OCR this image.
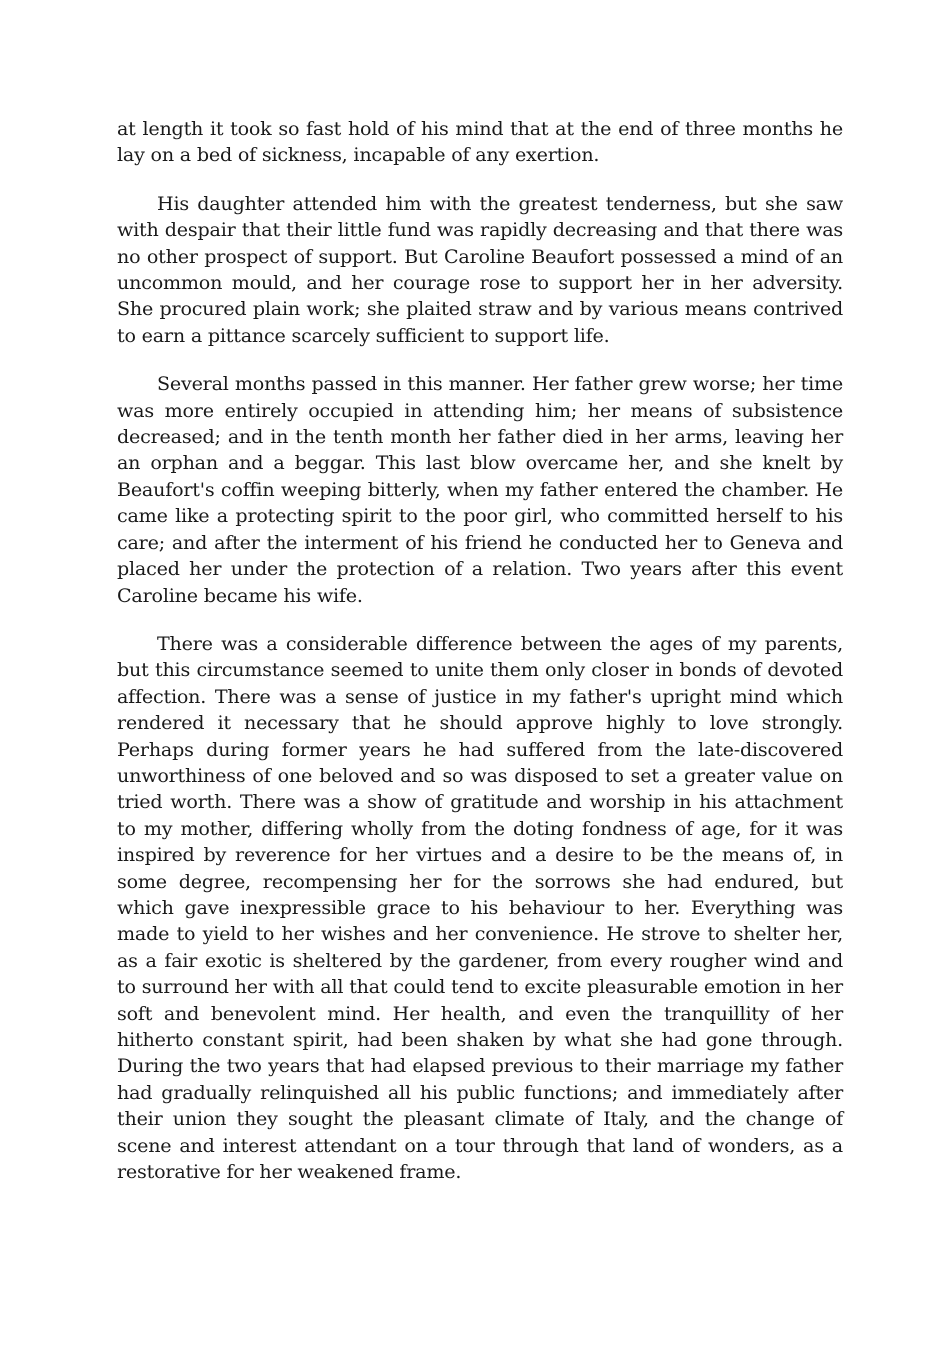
at length it took so fast hold of his mind that at the end of three months he lay on a bed of sickness, incapable of any exertion.

His daughter attended him with the greatest tenderness, but she saw with despair that their little fund was rapidly decreasing and that there was no other prospect of support. But Caroline Beaufort possessed a mind of an uncommon mould, and her courage rose to support her in her adversity. She procured plain work; she plaited straw and by various means contrived to earn a pittance scarcely sufficient to support life.

Several months passed in this manner. Her father grew worse; her time was more entirely occupied in attending him; her means of subsistence decreased; and in the tenth month her father died in her arms, leaving her an orphan and a beggar. This last blow overcame her, and she knelt by Beaufort's coffin weeping bitterly, when my father entered the chamber. He came like a protecting spirit to the poor girl, who committed herself to his care; and after the interment of his friend he conducted her to Geneva and placed her under the protection of a relation. Two years after this event Caroline became his wife.

There was a considerable difference between the ages of my parents, but this circumstance seemed to unite them only closer in bonds of devoted affection. There was a sense of justice in my father's upright mind which rendered it necessary that he should approve highly to love strongly. Perhaps during former years he had suffered from the late-discovered unworthiness of one beloved and so was disposed to set a greater value on tried worth. There was a show of gratitude and worship in his attachment to my mother, differing wholly from the doting fondness of age, for it was inspired by reverence for her virtues and a desire to be the means of, in some degree, recompensing her for the sorrows she had endured, but which gave inexpressible grace to his behaviour to her. Everything was made to yield to her wishes and her convenience. He strove to shelter her, as a fair exotic is sheltered by the gardener, from every rougher wind and to surround her with all that could tend to excite pleasurable emotion in her soft and benevolent mind. Her health, and even the tranquillity of her hitherto constant spirit, had been shaken by what she had gone through. During the two years that had elapsed previous to their marriage my father had gradually relinquished all his public functions; and immediately after their union they sought the pleasant climate of Italy, and the change of scene and interest attendant on a tour through that land of wonders, as a restorative for her weakened frame.
